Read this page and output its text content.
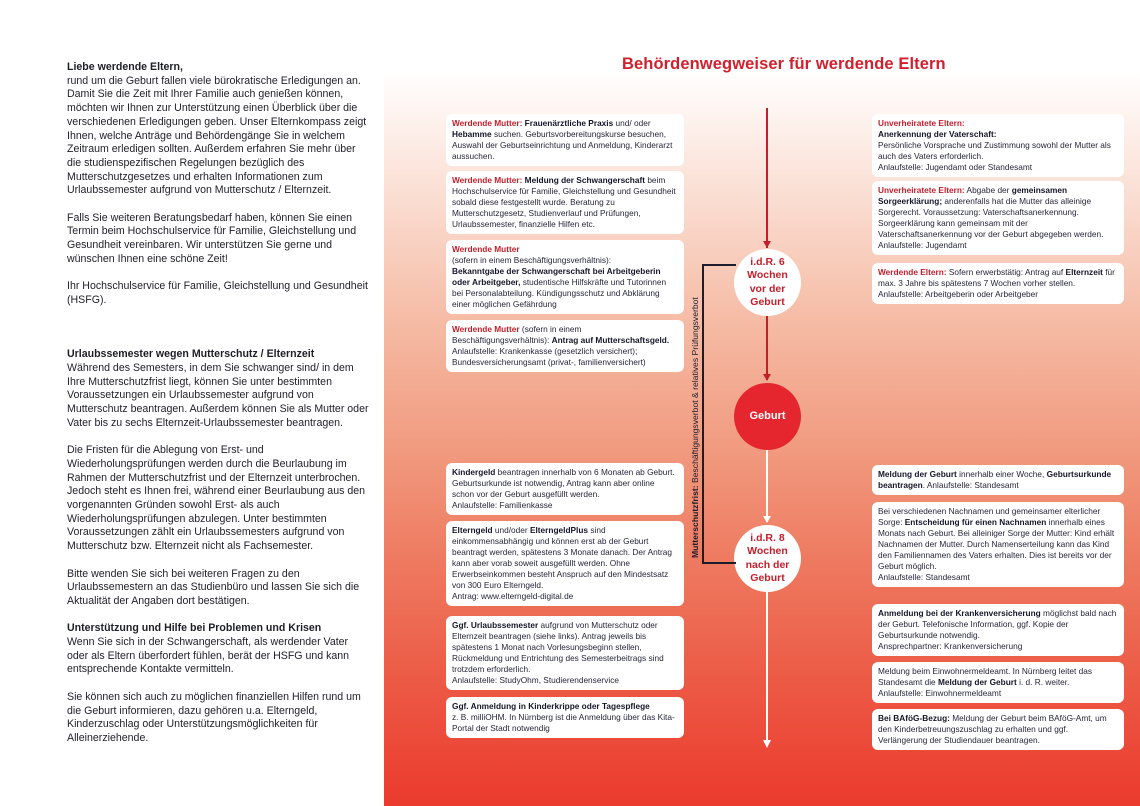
Liebe werdende Eltern,
rund um die Geburt fallen viele bürokratische Erledigungen an. Damit Sie die Zeit mit Ihrer Familie auch genießen können, möchten wir Ihnen zur Unterstützung einen Überblick über die verschiedenen Erledigungen geben. Unser Elternkompass zeigt Ihnen, welche Anträge und Behördengänge Sie in welchem Zeitraum erledigen sollten. Außerdem erfahren Sie mehr über die studienspezifischen Regelungen bezüglich des Mutterschutzgesetzes und erhalten Informationen zum Urlaubssemester aufgrund von Mutterschutz / Elternzeit.

Falls Sie weiteren Beratungsbedarf haben, können Sie einen Termin beim Hochschulservice für Familie, Gleichstellung und Gesundheit vereinbaren. Wir unterstützen Sie gerne und wünschen Ihnen eine schöne Zeit!

Ihr Hochschulservice für Familie, Gleichstellung und Gesundheit (HSFG).

Urlaubssemester wegen Mutterschutz / Elternzeit
Während des Semesters, in dem Sie schwanger sind/ in dem Ihre Mutterschutzfrist liegt, können Sie unter bestimmten Voraussetzungen ein Urlaubssemester aufgrund von Mutterschutz beantragen. Außerdem können Sie als Mutter oder Vater bis zu sechs Elternzeit-Urlaubssemester beantragen.

Die Fristen für die Ablegung von Erst- und Wiederholungsprüfungen werden durch die Beurlaubung im Rahmen der Mutterschutzfrist und der Elternzeit unterbrochen. Jedoch steht es Ihnen frei, während einer Beurlaubung aus den vorgenannten Gründen sowohl Erst- als auch Wiederholungsprüfungen abzulegen. Unter bestimmten Voraussetzungen zählt ein Urlaubssemesters aufgrund von Mutterschutz bzw. Elternzeit nicht als Fachsemester.

Bitte wenden Sie sich bei weiteren Fragen zu den Urlaubssemestern an das Studienbüro und lassen Sie sich die Aktualität der Angaben dort bestätigen.

Unterstützung und Hilfe bei Problemen und Krisen
Wenn Sie sich in der Schwangerschaft, als werdender Vater oder als Eltern überfordert fühlen, berät der HSFG und kann entsprechende Kontakte vermitteln.

Sie können sich auch zu möglichen finanziellen Hilfen rund um die Geburt informieren, dazu gehören u.a. Elterngeld, Kinderzuschlag oder Unterstützungsmöglichkeiten für Alleinerziehende.

Behördenwegweiser für werdende Eltern
i.d.R. 6
Wochen
vor der
Geburt
Geburt
i.d.R. 8
Wochen
nach der
Geburt
Mutterschutzfrist: Beschäftigungsverbot & relatives Prüfungsverbot
Werdende Mutter: Frauenärztliche Praxis und/ oder Hebamme suchen. Geburtsvorbereitungskurse besuchen, Auswahl der Geburtseinrichtung und Anmeldung, Kinderarzt aussuchen.
Werdende Mutter: Meldung der Schwangerschaft beim Hochschulservice für Familie, Gleichstellung und Gesundheit sobald diese festgestellt wurde. Beratung zu Mutterschutzgesetz, Studienverlauf und Prüfungen, Urlaubssemester, finanzielle Hilfen etc.
Werdende Mutter
(sofern in einem Beschäftigungsverhältnis):
Bekanntgabe der Schwangerschaft bei Arbeitgeberin oder Arbeitgeber, studentische Hilfskräfte und Tutorinnen bei Personalabteilung. Kündigungsschutz und Abklärung einer möglichen Gefährdung
Werdende Mutter (sofern in einem Beschäftigungsverhältnis): Antrag auf Mutterschaftsgeld.
Anlaufstelle: Krankenkasse (gesetzlich versichert); Bundesversicherungsamt (privat-, familienversichert)
Unverheiratete Eltern:
Anerkennung der Vaterschaft:
Persönliche Vorsprache und Zustimmung sowohl der Mutter als auch des Vaters erforderlich.
Anlaufstelle: Jugendamt oder Standesamt
Unverheiratete Eltern: Abgabe der gemeinsamen Sorgeerklärung; anderenfalls hat die Mutter das alleinige Sorgerecht. Voraussetzung: Vaterschaftsanerkennung. Sorgeerklärung kann gemeinsam mit der Vaterschaftsanerkennung vor der Geburt abgegeben werden. Anlaufstelle: Jugendamt
Werdende Eltern: Sofern erwerbstätig: Antrag auf Elternzeit für max. 3 Jahre bis spätestens 7 Wochen vorher stellen.
Anlaufstelle: Arbeitgeberin oder Arbeitgeber
Kindergeld beantragen innerhalb von 6 Monaten ab Geburt. Geburtsurkunde ist notwendig, Antrag kann aber online schon vor der Geburt ausgefüllt werden.
Anlaufstelle: Familienkasse
Elterngeld und/oder ElterngeldPlus sind einkommensabhängig und können erst ab der Geburt beantragt werden, spätestens 3 Monate danach. Der Antrag kann aber vorab soweit ausgefüllt werden. Ohne Erwerbseinkommen besteht Anspruch auf den Mindestsatz von 300 Euro Elterngeld.
Antrag: www.elterngeld-digital.de
Ggf. Urlaubssemester aufgrund von Mutterschutz oder Elternzeit beantragen (siehe links). Antrag jeweils bis spätestens 1 Monat nach Vorlesungsbeginn stellen, Rückmeldung und Entrichtung des Semesterbeitrags sind trotzdem erforderlich.
Anlaufstelle: StudyOhm, Studierendenservice
Ggf. Anmeldung in Kinderkrippe oder Tagespflege
z. B. milliOHM. In Nürnberg ist die Anmeldung über das Kita-Portal der Stadt notwendig
Meldung der Geburt innerhalb einer Woche, Geburtsurkunde beantragen. Anlaufstelle: Standesamt
Bei verschiedenen Nachnamen und gemeinsamer elterlicher Sorge: Entscheidung für einen Nachnamen innerhalb eines Monats nach Geburt. Bei alleiniger Sorge der Mutter: Kind erhält Nachnamen der Mutter. Durch Namenserteilung kann das Kind den Familiennamen des Vaters erhalten. Dies ist bereits vor der Geburt möglich.
Anlaufstelle: Standesamt
Anmeldung bei der Krankenversicherung möglichst bald nach der Geburt. Telefonische Information, ggf. Kopie der Geburtsurkunde notwendig.
Ansprechpartner: Krankenversicherung
Meldung beim Einwohnermeldeamt. In Nürnberg leitet das Standesamt die Meldung der Geburt i. d. R. weiter.
Anlaufstelle: Einwohnermeldeamt
Bei BAföG-Bezug: Meldung der Geburt beim BAföG-Amt, um den Kinderbetreuungszuschlag zu erhalten und ggf. Verlängerung der Studiendauer beantragen.
